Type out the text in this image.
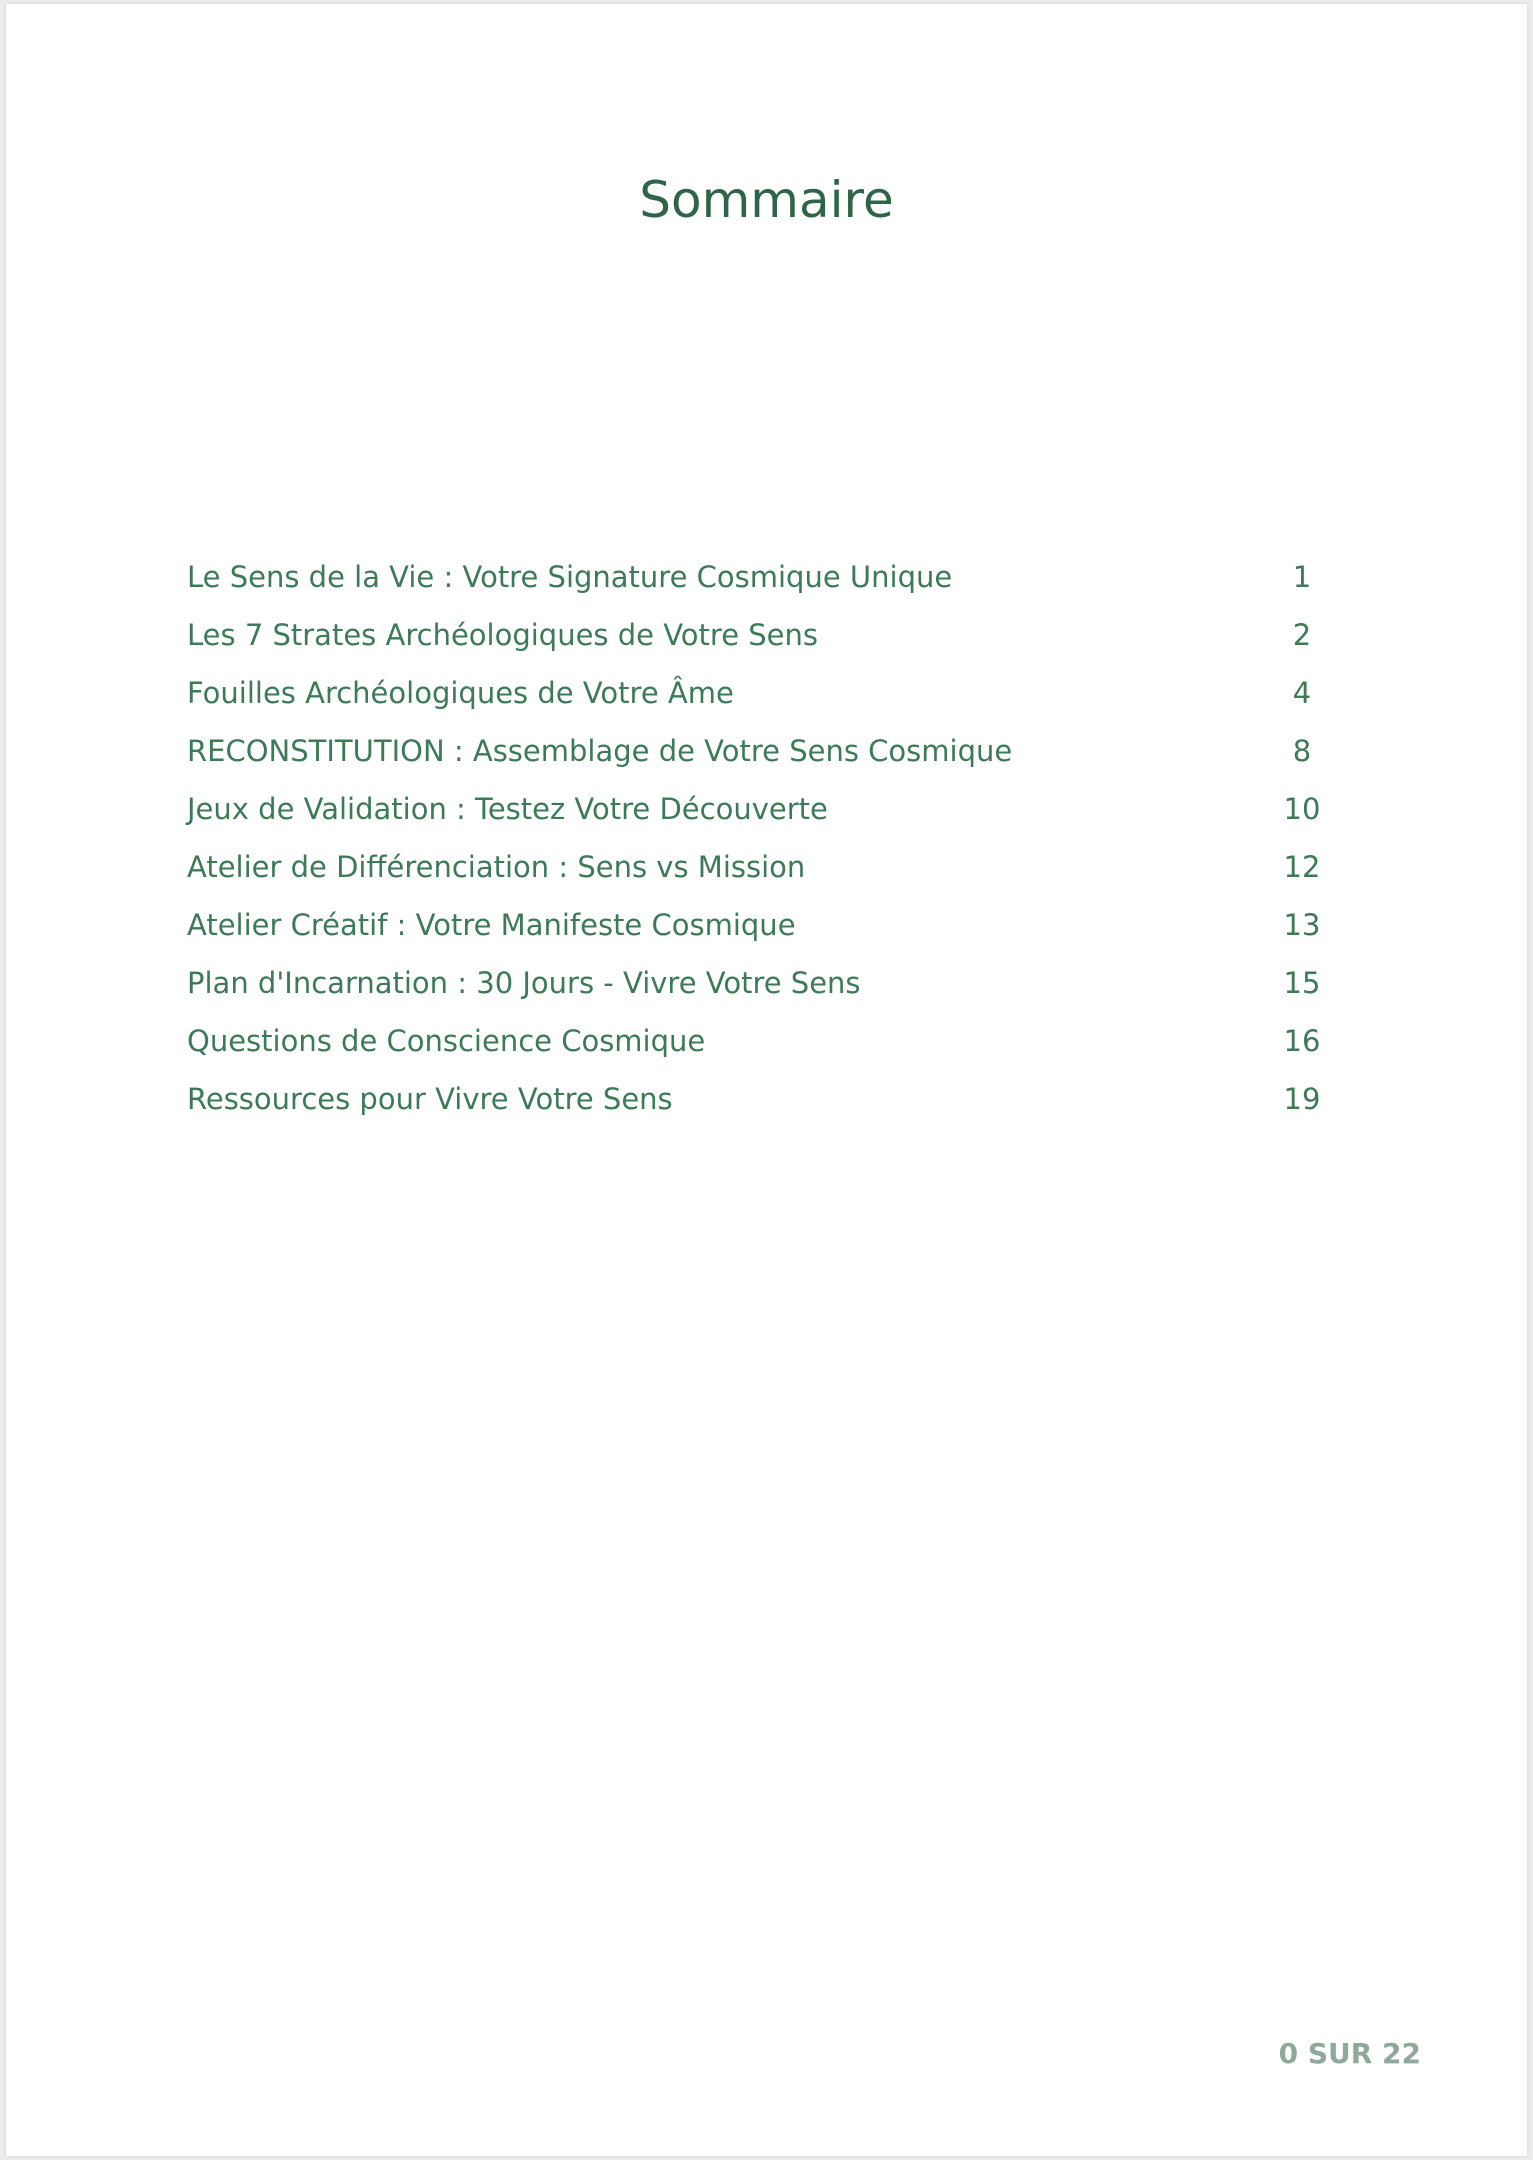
Sommaire
Le Sens de la Vie : Votre Signature Cosmique Unique	1
Les 7 Strates Archéologiques de Votre Sens	2
Fouilles Archéologiques de Votre Âme	4
RECONSTITUTION : Assemblage de Votre Sens Cosmique	8
Jeux de Validation : Testez Votre Découverte	10
Atelier de Différenciation : Sens vs Mission	12
Atelier Créatif : Votre Manifeste Cosmique	13
Plan d'Incarnation : 30 Jours - Vivre Votre Sens	15
Questions de Conscience Cosmique	16
Ressources pour Vivre Votre Sens	19
0 SUR 22
